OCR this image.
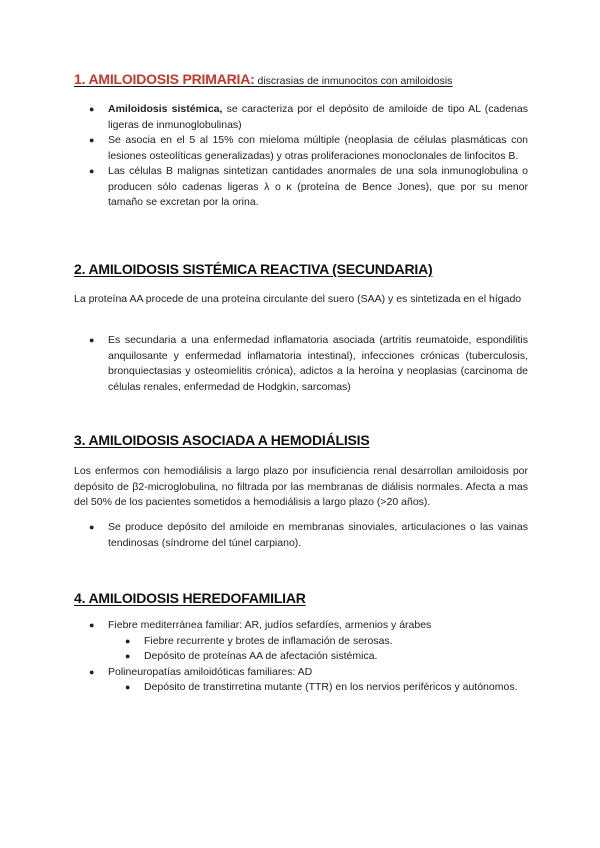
1. AMILOIDOSIS PRIMARIA: discrasias de inmunocitos con amiloidosis
● Amiloidosis sistémica, se caracteriza por el depósito de amiloide de tipo AL (cadenas ligeras de inmunoglobulinas)
● Se asocia en el 5 al 15% con mieloma múltiple (neoplasia de células plasmáticas con lesiones osteolíticas generalizadas) y otras proliferaciones monoclonales de linfocitos B.
● Las células B malignas sintetizan cantidades anormales de una sola inmunoglobulina o producen sólo cadenas ligeras λ o κ (proteína de Bence Jones), que por su menor tamaño se excretan por la orina.
2. AMILOIDOSIS SISTÉMICA REACTIVA (SECUNDARIA)
La proteína AA procede de una proteína circulante del suero (SAA) y es sintetizada en el hígado
● Es secundaria a una enfermedad inflamatoria asociada (artritis reumatoide, espondilitis anquilosante y enfermedad inflamatoria intestinal), infecciones crónicas (tuberculosis, bronquiectasias y osteomielitis crónica), adictos a la heroína y neoplasias (carcinoma de células renales, enfermedad de Hodgkin, sarcomas)
3. AMILOIDOSIS ASOCIADA A HEMODIÁLISIS
Los enfermos con hemodiálisis a largo plazo por insuficiencia renal desarrollan amiloidosis por depósito de β2-microglobulina, no filtrada por las membranas de diálisis normales. Afecta a mas del 50% de los pacientes sometidos a hemodiálisis a largo plazo (>20 años).
● Se produce depósito del amiloide en membranas sinoviales, articulaciones o las vainas tendinosas (síndrome del túnel carpiano).
4. AMILOIDOSIS HEREDOFAMILIAR
● Fiebre mediterránea familiar: AR, judíos sefardíes, armenios y árabes
● Fiebre recurrente y brotes de inflamación de serosas.
● Depósito de proteínas AA de afectación sistémica.
● Polineuropatías amiloidóticas familiares: AD
● Depósito de transtirretina mutante (TTR) en los nervios periféricos y autónomos.
